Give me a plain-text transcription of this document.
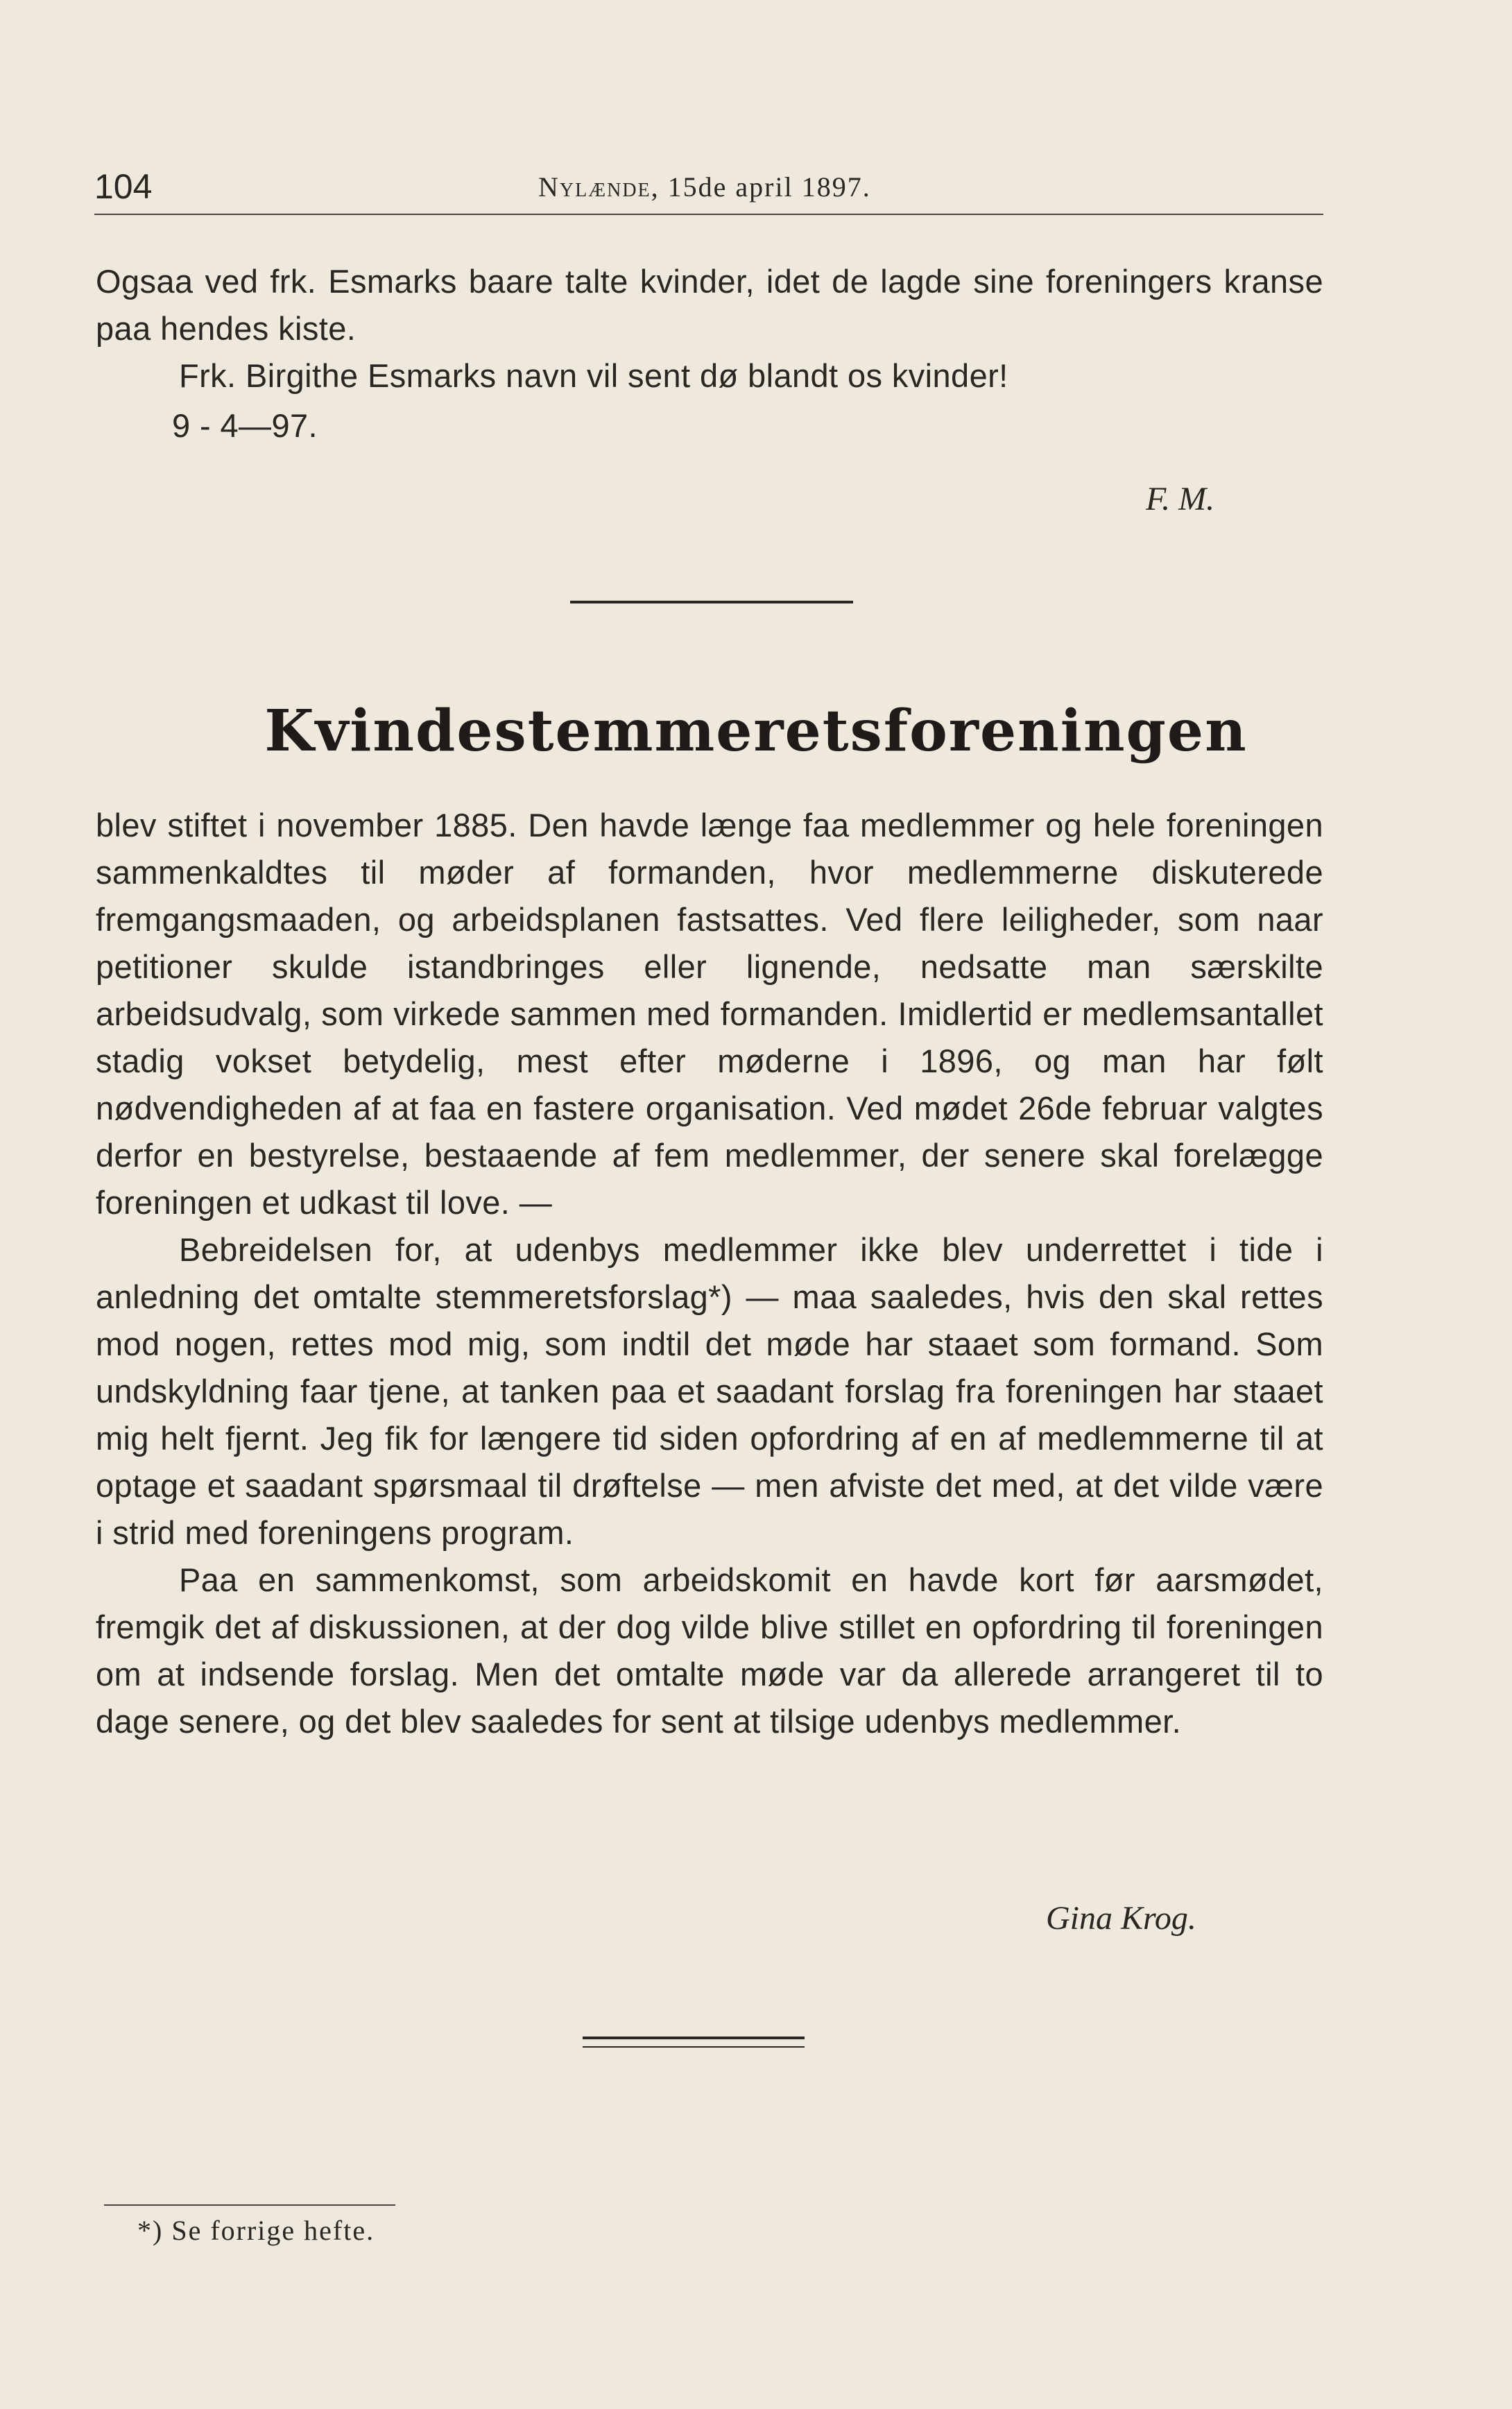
104	Nylænde, 15de april 1897.

Ogsaa ved frk. Esmarks baare talte kvinder, idet de lagde sine foreningers kranse paa hendes kiste.

Frk. Birgithe Esmarks navn vil sent dø blandt os kvinder!

9 - 4—97.

F. M.
Kvindestemmeretsforeningen

blev stiftet i november 1885. Den havde længe faa medlemmer og hele foreningen sammenkaldtes til møder af formanden, hvor medlemmerne diskuterede fremgangsmaaden, og arbeidsplanen fastsattes. Ved flere leiligheder, som naar petitioner skulde istandbringes eller lignende, nedsatte man særskilte arbeidsudvalg, som virkede sammen med formanden. Imidlertid er medlemsantallet stadig vokset betydelig, mest efter møderne i 1896, og man har følt nødvendigheden af at faa en fastere organisation. Ved mødet 26de februar valgtes derfor en bestyrelse, bestaaende af fem medlemmer, der senere skal forelægge foreningen et udkast til love. —

Bebreidelsen for, at udenbys medlemmer ikke blev underrettet i tide i anledning det omtalte stemmeretsforslag*) — maa saaledes, hvis den skal rettes mod nogen, rettes mod mig, som indtil det møde har staaet som formand. Som undskyldning faar tjene, at tanken paa et saadant forslag fra foreningen har staaet mig helt fjernt. Jeg fik for længere tid siden opfordring af en af medlemmerne til at optage et saadant spørsmaal til drøftelse — men afviste det med, at det vilde være i strid med foreningens program.

Paa en sammenkomst, som arbeidskomit en havde kort før aarsmødet, fremgik det af diskussionen, at der dog vilde blive stillet en opfordring til foreningen om at indsende forslag. Men det omtalte møde var da allerede arrangeret til to dage senere, og det blev saaledes for sent at tilsige udenbys medlemmer.

Gina Krog.
*) Se forrige hefte.
